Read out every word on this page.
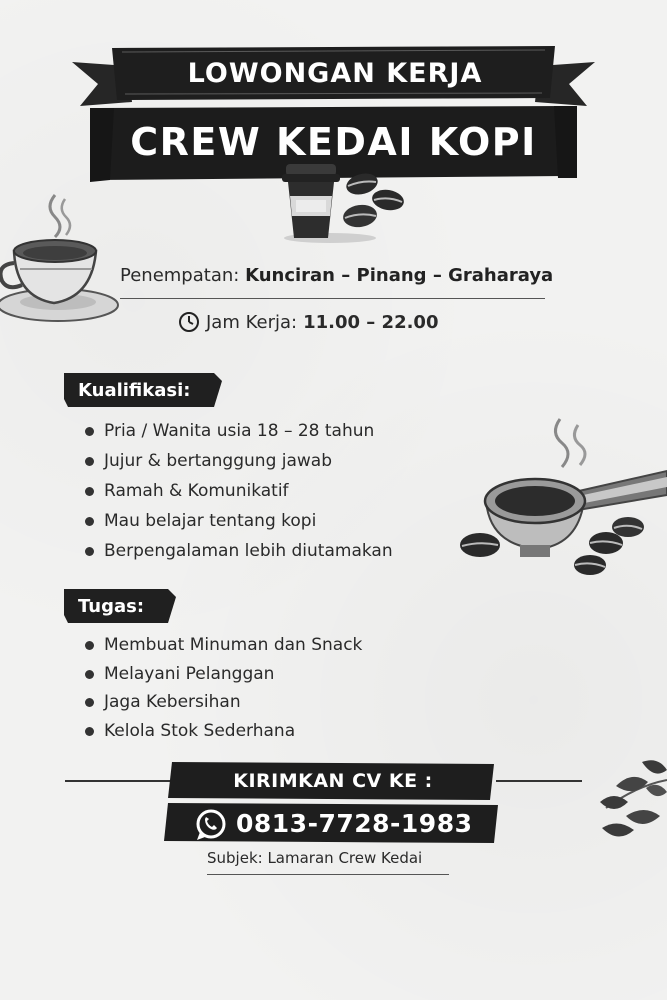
LOWONGAN KERJA
CREW KEDAI KOPI
Penempatan: Kunciran – Pinang – Graharaya
Jam Kerja: 11.00 – 22.00
Kualifikasi:
Pria / Wanita usia 18 – 28 tahun
Jujur & bertanggung jawab
Ramah & Komunikatif
Mau belajar tentang kopi
Berpengalaman lebih diutamakan
Tugas:
Membuat Minuman dan Snack
Melayani Pelanggan
Jaga Kebersihan
Kelola Stok Sederhana
KIRIMKAN CV KE :
0813-7728-1983
Subjek: Lamaran Crew Kedai
